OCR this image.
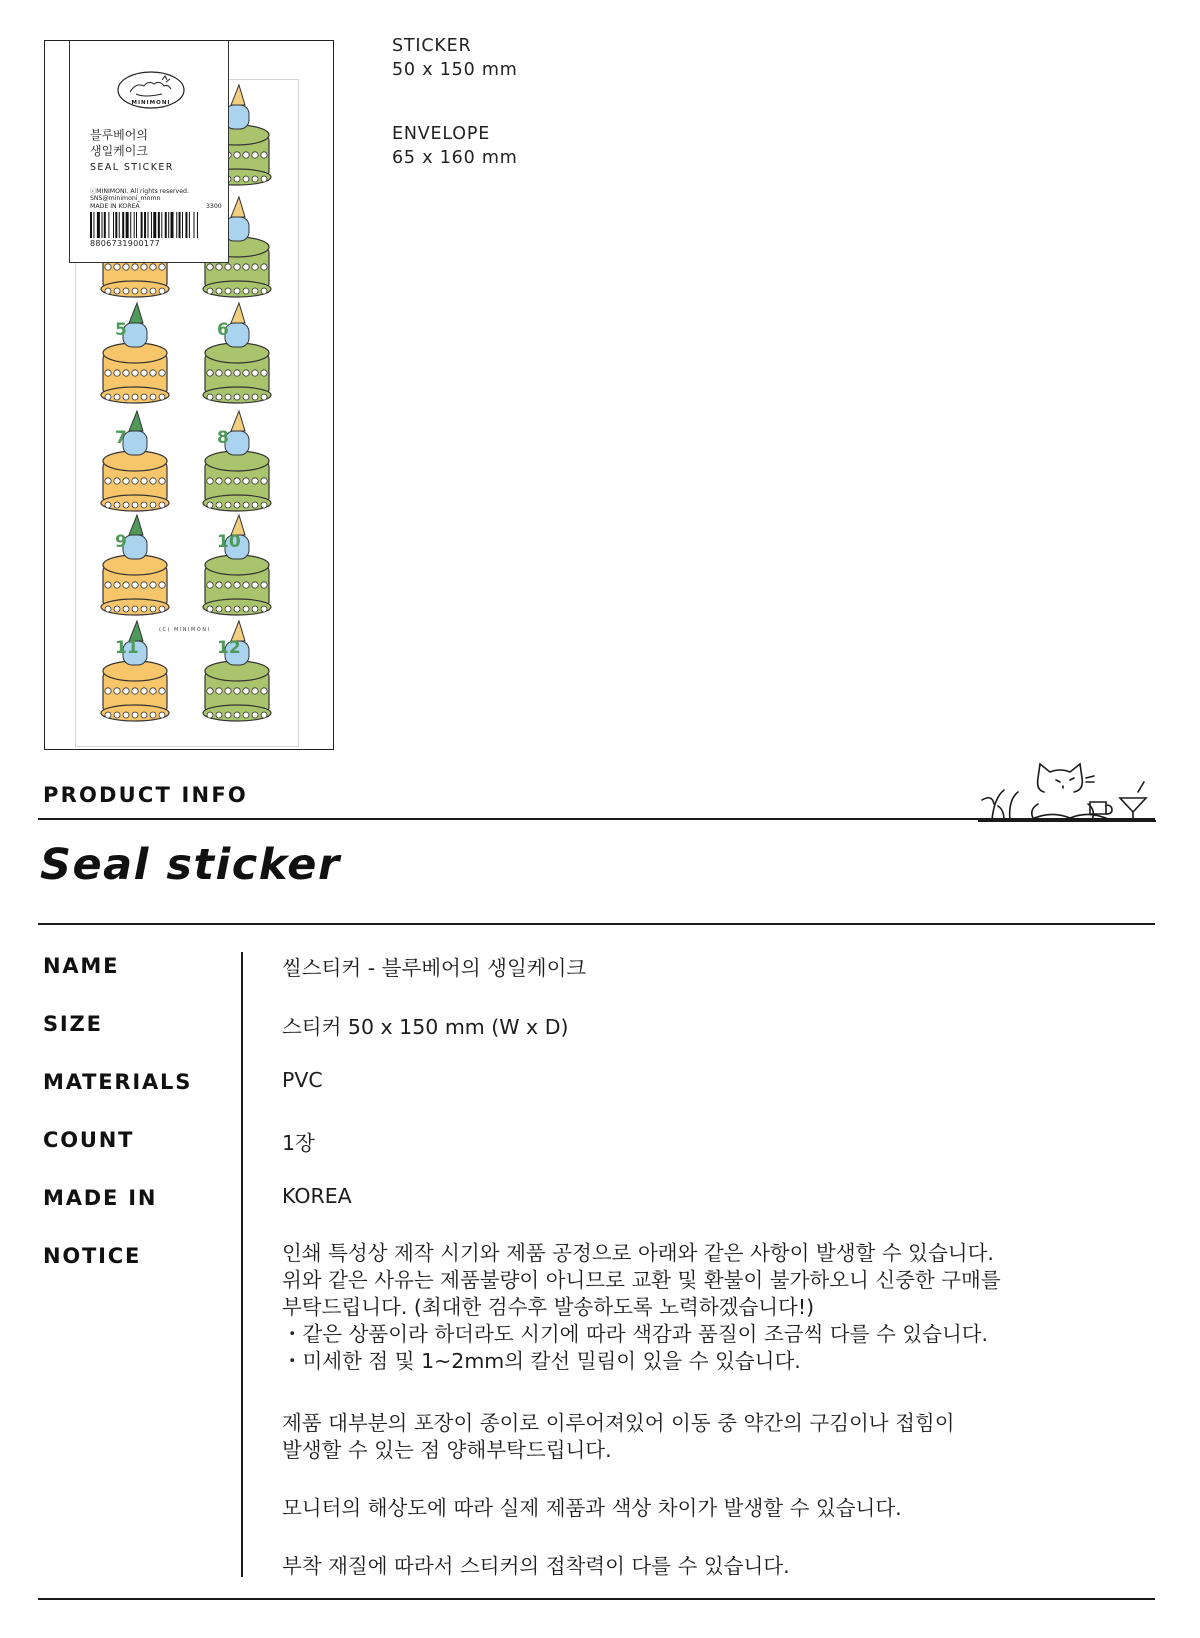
5	6
7	8
9	10
11	12
(C) MINIMONI
MINIMONI
블루베어의
생일케이크
SEAL STICKER
ⓒMINIMONI. All rights reserved.
SNS@minimoni_mnmn
MADE IN KOREA	3300
8806731900177
STICKER
50 x 150 mm
ENVELOPE
65 x 160 mm
PRODUCT INFO
Seal sticker
NAME	씰스티커 - 블루베어의 생일케이크
SIZE	스티커 50 x 150 mm (W x D)
MATERIALS	PVC
COUNT	1장
MADE IN	KOREA
NOTICE	인쇄 특성상 제작 시기와 제품 공정으로 아래와 같은 사항이 발생할 수 있습니다.
위와 같은 사유는 제품불량이 아니므로 교환 및 환불이 불가하오니 신중한 구매를
부탁드립니다. (최대한 검수후 발송하도록 노력하겠습니다!)
・같은 상품이라 하더라도 시기에 따라 색감과 품질이 조금씩 다를 수 있습니다.
・미세한 점 및 1~2mm의 칼선 밀림이 있을 수 있습니다.
제품 대부분의 포장이 종이로 이루어져있어 이동 중 약간의 구김이나 접힘이
발생할 수 있는 점 양해부탁드립니다.
모니터의 해상도에 따라 실제 제품과 색상 차이가 발생할 수 있습니다.
부착 재질에 따라서 스티커의 접착력이 다를 수 있습니다.
